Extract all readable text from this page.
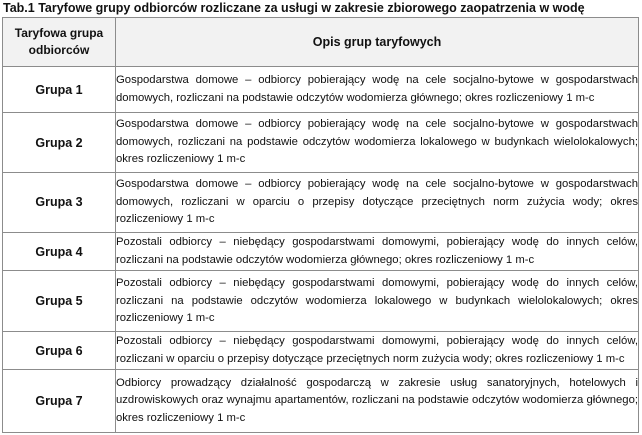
Tab.1 Taryfowe grupy odbiorców rozliczane za usługi w zakresie zbiorowego zaopatrzenia w wodę
Taryfowa grupa odbiorców	Opis grup taryfowych
Grupa 1	Gospodarstwa domowe – odbiorcy pobierający wodę na cele socjalno-bytowe w gospodarstwach domowych, rozliczani na podstawie odczytów wodomierza głównego; okres rozliczeniowy 1 m-c
Grupa 2	Gospodarstwa domowe – odbiorcy pobierający wodę na cele socjalno-bytowe w gospodarstwach domowych, rozliczani na podstawie odczytów wodomierza lokalowego w budynkach wielolokalowych; okres rozliczeniowy 1 m-c
Grupa 3	Gospodarstwa domowe – odbiorcy pobierający wodę na cele socjalno-bytowe w gospodarstwach domowych, rozliczani w oparciu o przepisy dotyczące przeciętnych norm zużycia wody; okres rozliczeniowy 1 m-c
Grupa 4	Pozostali odbiorcy – niebędący gospodarstwami domowymi, pobierający wodę do innych celów, rozliczani na podstawie odczytów wodomierza głównego; okres rozliczeniowy 1 m-c
Grupa 5	Pozostali odbiorcy – niebędący gospodarstwami domowymi, pobierający wodę do innych celów, rozliczani na podstawie odczytów wodomierza lokalowego w budynkach wielolokalowych; okres rozliczeniowy 1 m-c
Grupa 6	Pozostali odbiorcy – niebędący gospodarstwami domowymi, pobierający wodę do innych celów, rozliczani w oparciu o przepisy dotyczące przeciętnych norm zużycia wody; okres rozliczeniowy 1 m-c
Grupa 7	Odbiorcy prowadzący działalność gospodarczą w zakresie usług sanatoryjnych, hotelowych i uzdrowiskowych oraz wynajmu apartamentów, rozliczani na podstawie odczytów wodomierza głównego; okres rozliczeniowy 1 m-c
